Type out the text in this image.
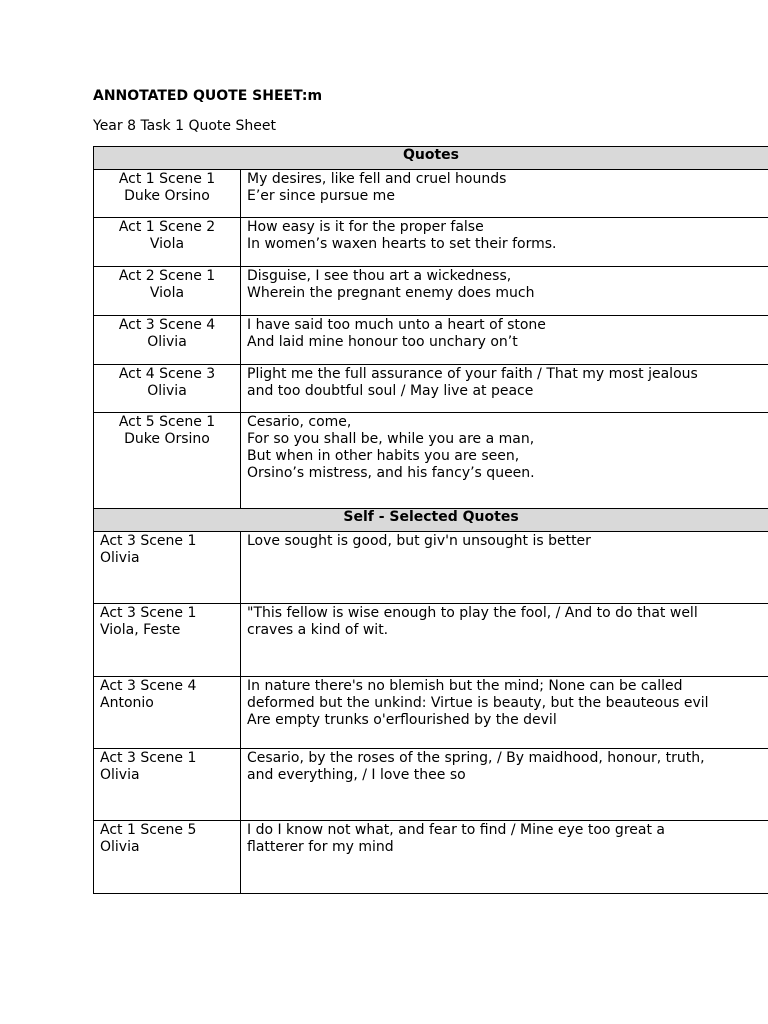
ANNOTATED QUOTE SHEET:m

Year 8 Task 1 Quote Sheet

Quotes	

Act 1 Scene 1
Duke Orsino	My desires, like fell and cruel hounds
E’er since pursue me

Act 1 Scene 2
Viola	How easy is it for the proper false
In women’s waxen hearts to set their forms.

Act 2 Scene 1
Viola	Disguise, I see thou art a wickedness,
Wherein the pregnant enemy does much

Act 3 Scene 4
Olivia	I have said too much unto a heart of stone
And laid mine honour too unchary on’t

Act 4 Scene 3
Olivia	Plight me the full assurance of your faith / That my most jealous
and too doubtful soul / May live at peace

Act 5 Scene 1
Duke Orsino	Cesario, come,
For so you shall be, while you are a man,
But when in other habits you are seen,
Orsino’s mistress, and his fancy’s queen.

Self - Selected Quotes	

Act 3 Scene 1
Olivia	Love sought is good, but giv'n unsought is better

Act 3 Scene 1
Viola, Feste	"This fellow is wise enough to play the fool, / And to do that well
craves a kind of wit.

Act 3 Scene 4
Antonio	In nature there's no blemish but the mind; None can be called
deformed but the unkind: Virtue is beauty, but the beauteous evil
Are empty trunks o'erflourished by the devil

Act 3 Scene 1
Olivia	Cesario, by the roses of the spring, / By maidhood, honour, truth,
and everything, / I love thee so

Act 1 Scene 5
Olivia	I do I know not what, and fear to find / Mine eye too great a
flatterer for my mind
